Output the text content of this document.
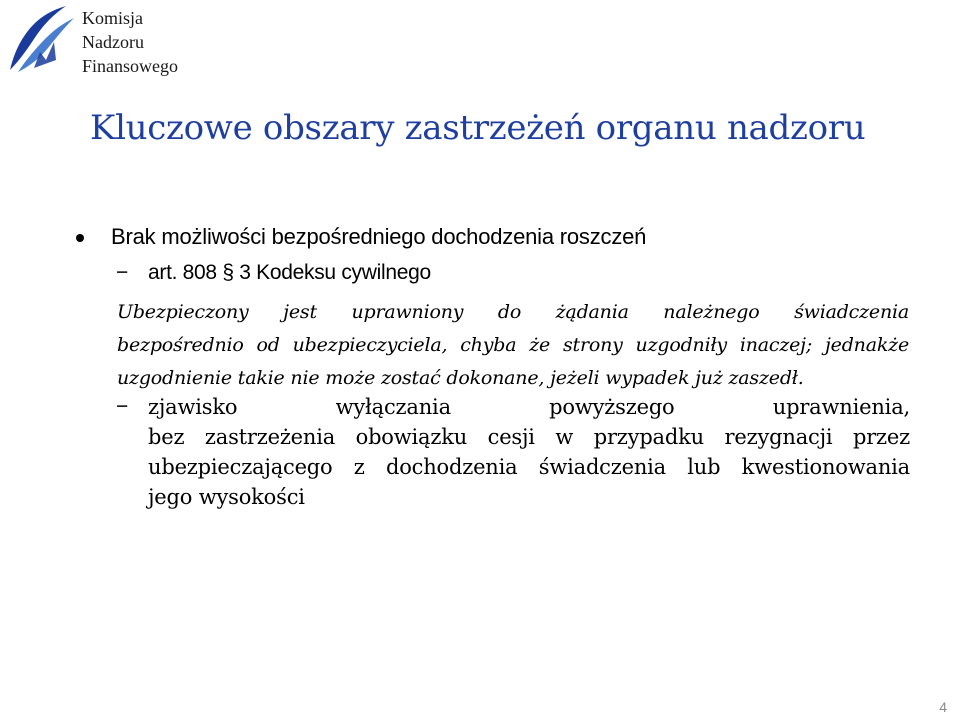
Komisja
Nadzoru
Finansowego
Kluczowe obszary zastrzeżeń organu nadzoru
Brak możliwości bezpośredniego dochodzenia roszczeń
− art. 808 § 3 Kodeksu cywilnego
Ubezpieczony jest uprawniony do żądania należnego świadczenia
bezpośrednio od ubezpieczyciela, chyba że strony uzgodniły inaczej; jednakże
uzgodnienie takie nie może zostać dokonane, jeżeli wypadek już zaszedł.
− zjawisko wyłączania powyższego uprawnienia,
bez zastrzeżenia obowiązku cesji w przypadku rezygnacji przez
ubezpieczającego z dochodzenia świadczenia lub kwestionowania
jego wysokości
4
